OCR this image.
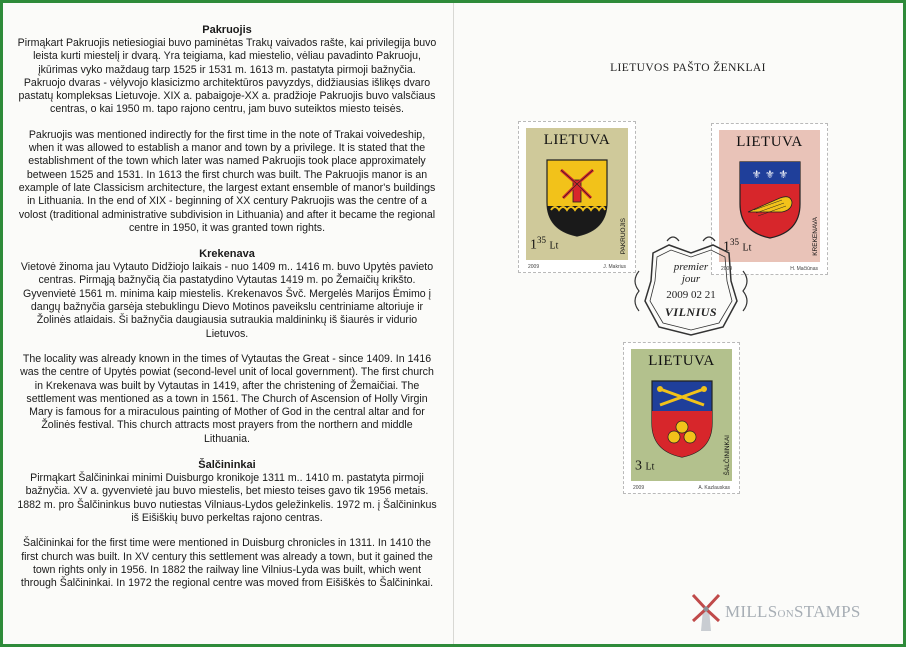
Pakruojis

Pirmąkart Pakruojis netiesiogiai buvo paminėtas Trakų vaivados rašte, kai privilegija buvo leista kurti miestelį ir dvarą. Yra teigiama, kad miestelio, vėliau pavadinto Pakruoju, įkūrimas vyko maždaug tarp 1525 ir 1531 m. 1613 m. pastatyta pirmoji bažnyčia. Pakruojo dvaras - vėlyvojo klasicizmo architektūros pavyzdys, didžiausias išlikęs dvaro pastatų kompleksas Lietuvoje. XIX a. pabaigoje-XX a. pradžioje Pakruojis buvo valsčiaus centras, o kai 1950 m. tapo rajono centru, jam buvo suteiktos miesto teisės.

Pakruojis was mentioned indirectly for the first time in the note of Trakai voivedeship, when it was allowed to establish a manor and town by a privilege. It is stated that the establishment of the town which later was named Pakruojis took place approximately between 1525 and 1531. In 1613 the first church was built. The Pakruojis manor is an example of late Classicism architecture, the largest extant ensemble of manor's buildings in Lithuania. In the end of XIX - beginning of XX century Pakruojis was the centre of a volost (traditional administrative subdivision in Lithuania) and after it became the regional centre in 1950, it was granted town rights.

Krekenava

Vietovė žinoma jau Vytauto Didžiojo laikais - nuo 1409 m.. 1416 m. buvo Upytės pavieto centras. Pirmąją bažnyčią čia pastatydino Vytautas 1419 m. po Žemaičių krikšto. Gyvenvietė 1561 m. minima kaip miestelis. Krekenavos Švč. Mergelės Marijos Ėmimo į dangų bažnyčia garsėja stebuklingu Dievo Motinos paveikslu centriniame altoriuje ir Žolinės atlaidais. Ši bažnyčia daugiausia sutraukia maldininkų iš šiaurės ir vidurio Lietuvos.

The locality was already known in the times of Vytautas the Great - since 1409. In 1416 was the centre of Upytės powiat (second-level unit of local government). The first church in Krekenava was built by Vytautas in 1419, after the christening of Žemaičiai. The settlement was mentioned as a town in 1561. The Church of Ascension of Holly Virgin Mary is famous for a miraculous painting of Mother of God in the central altar and for Žolinės festival. This church attracts most prayers from the northern and middle Lithuania.

Šalčininkai

Pirmąkart Šalčininkai minimi Duisburgo kronikoje 1311 m.. 1410 m. pastatyta pirmoji bažnyčia. XV a. gyvenvietė jau buvo miestelis, bet miesto teises gavo tik 1956 metais. 1882 m. pro Šalčininkus buvo nutiestas Vilniaus-Lydos geležinkelis. 1972 m. į Šalčininkus iš Eišiškių buvo perkeltas rajono centras.

Šalčininkai for the first time were mentioned in Duisburg chronicles in 1311. In 1410 the first church was built. In XV century this settlement was already a town, but it gained the town rights only in 1956. In 1882 the railway line Vilnius-Lyda was built, which went through Šalčininkai. In 1972 the regional centre was moved from Eišiškės to Šalčininkai.

LIETUVOS PAŠTO ŽENKLAI
LIETUVA
$1^{35}$ Lt	PAKRUOJIS
2009	J. Makrius
LIETUVA
⚜ ⚜ ⚜
$1^{35}$ Lt	KREKENAVA
2009	H. Mačiūnas
premier
jour
2009 02 21
VILNIUS
LIETUVA
3 Lt	ŠALČININKAI
2009	A. Kazlauskas
MILLSONSTAMPS
